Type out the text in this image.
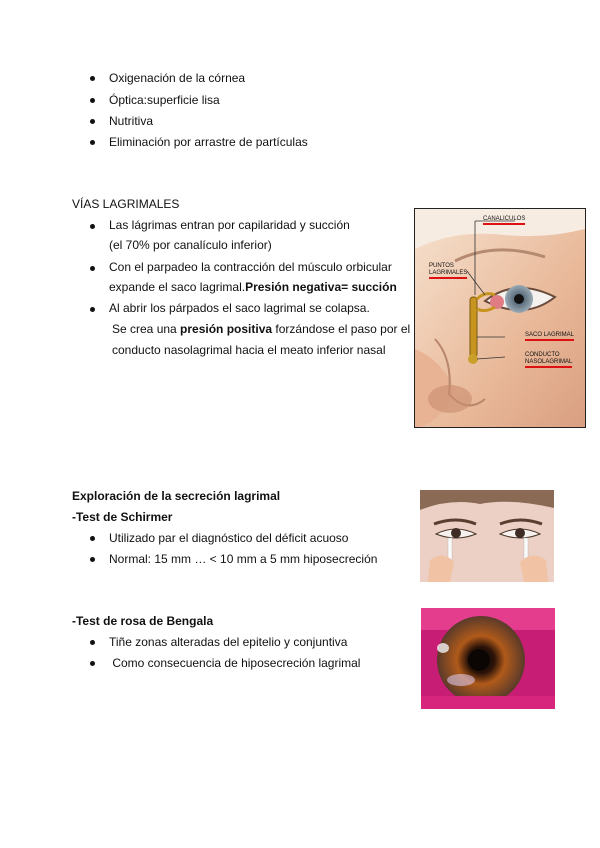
Oxigenación de la córnea
Óptica:superficie lisa
Nutritiva
Eliminación por arrastre de partículas
VÍAS LAGRIMALES
Las lágrimas entran por capilaridad y succión
(el 70% por canalículo inferior)
Con el parpadeo la contracción del músculo orbicular
expande el saco lagrimal.Presión negativa= succión
Al abrir los párpados el saco lagrimal se colapsa.
Se crea una presión positiva forzándose el paso por el
conducto nasolagrimal hacia el meato inferior nasal
CANALICULOS
PUNTOS
LAGRIMALES
SACO LAGRIMAL
CONDUCTO
NASOLAGRIMAL
Exploración de la secreción lagrimal
-Test de Schirmer
Utilizado par el diagnóstico del déficit acuoso
Normal: 15 mm … < 10 mm a 5 mm hiposecreción
-Test de rosa de Bengala
Tiñe zonas alteradas del epitelio y conjuntiva
Como consecuencia de hiposecreción lagrimal
